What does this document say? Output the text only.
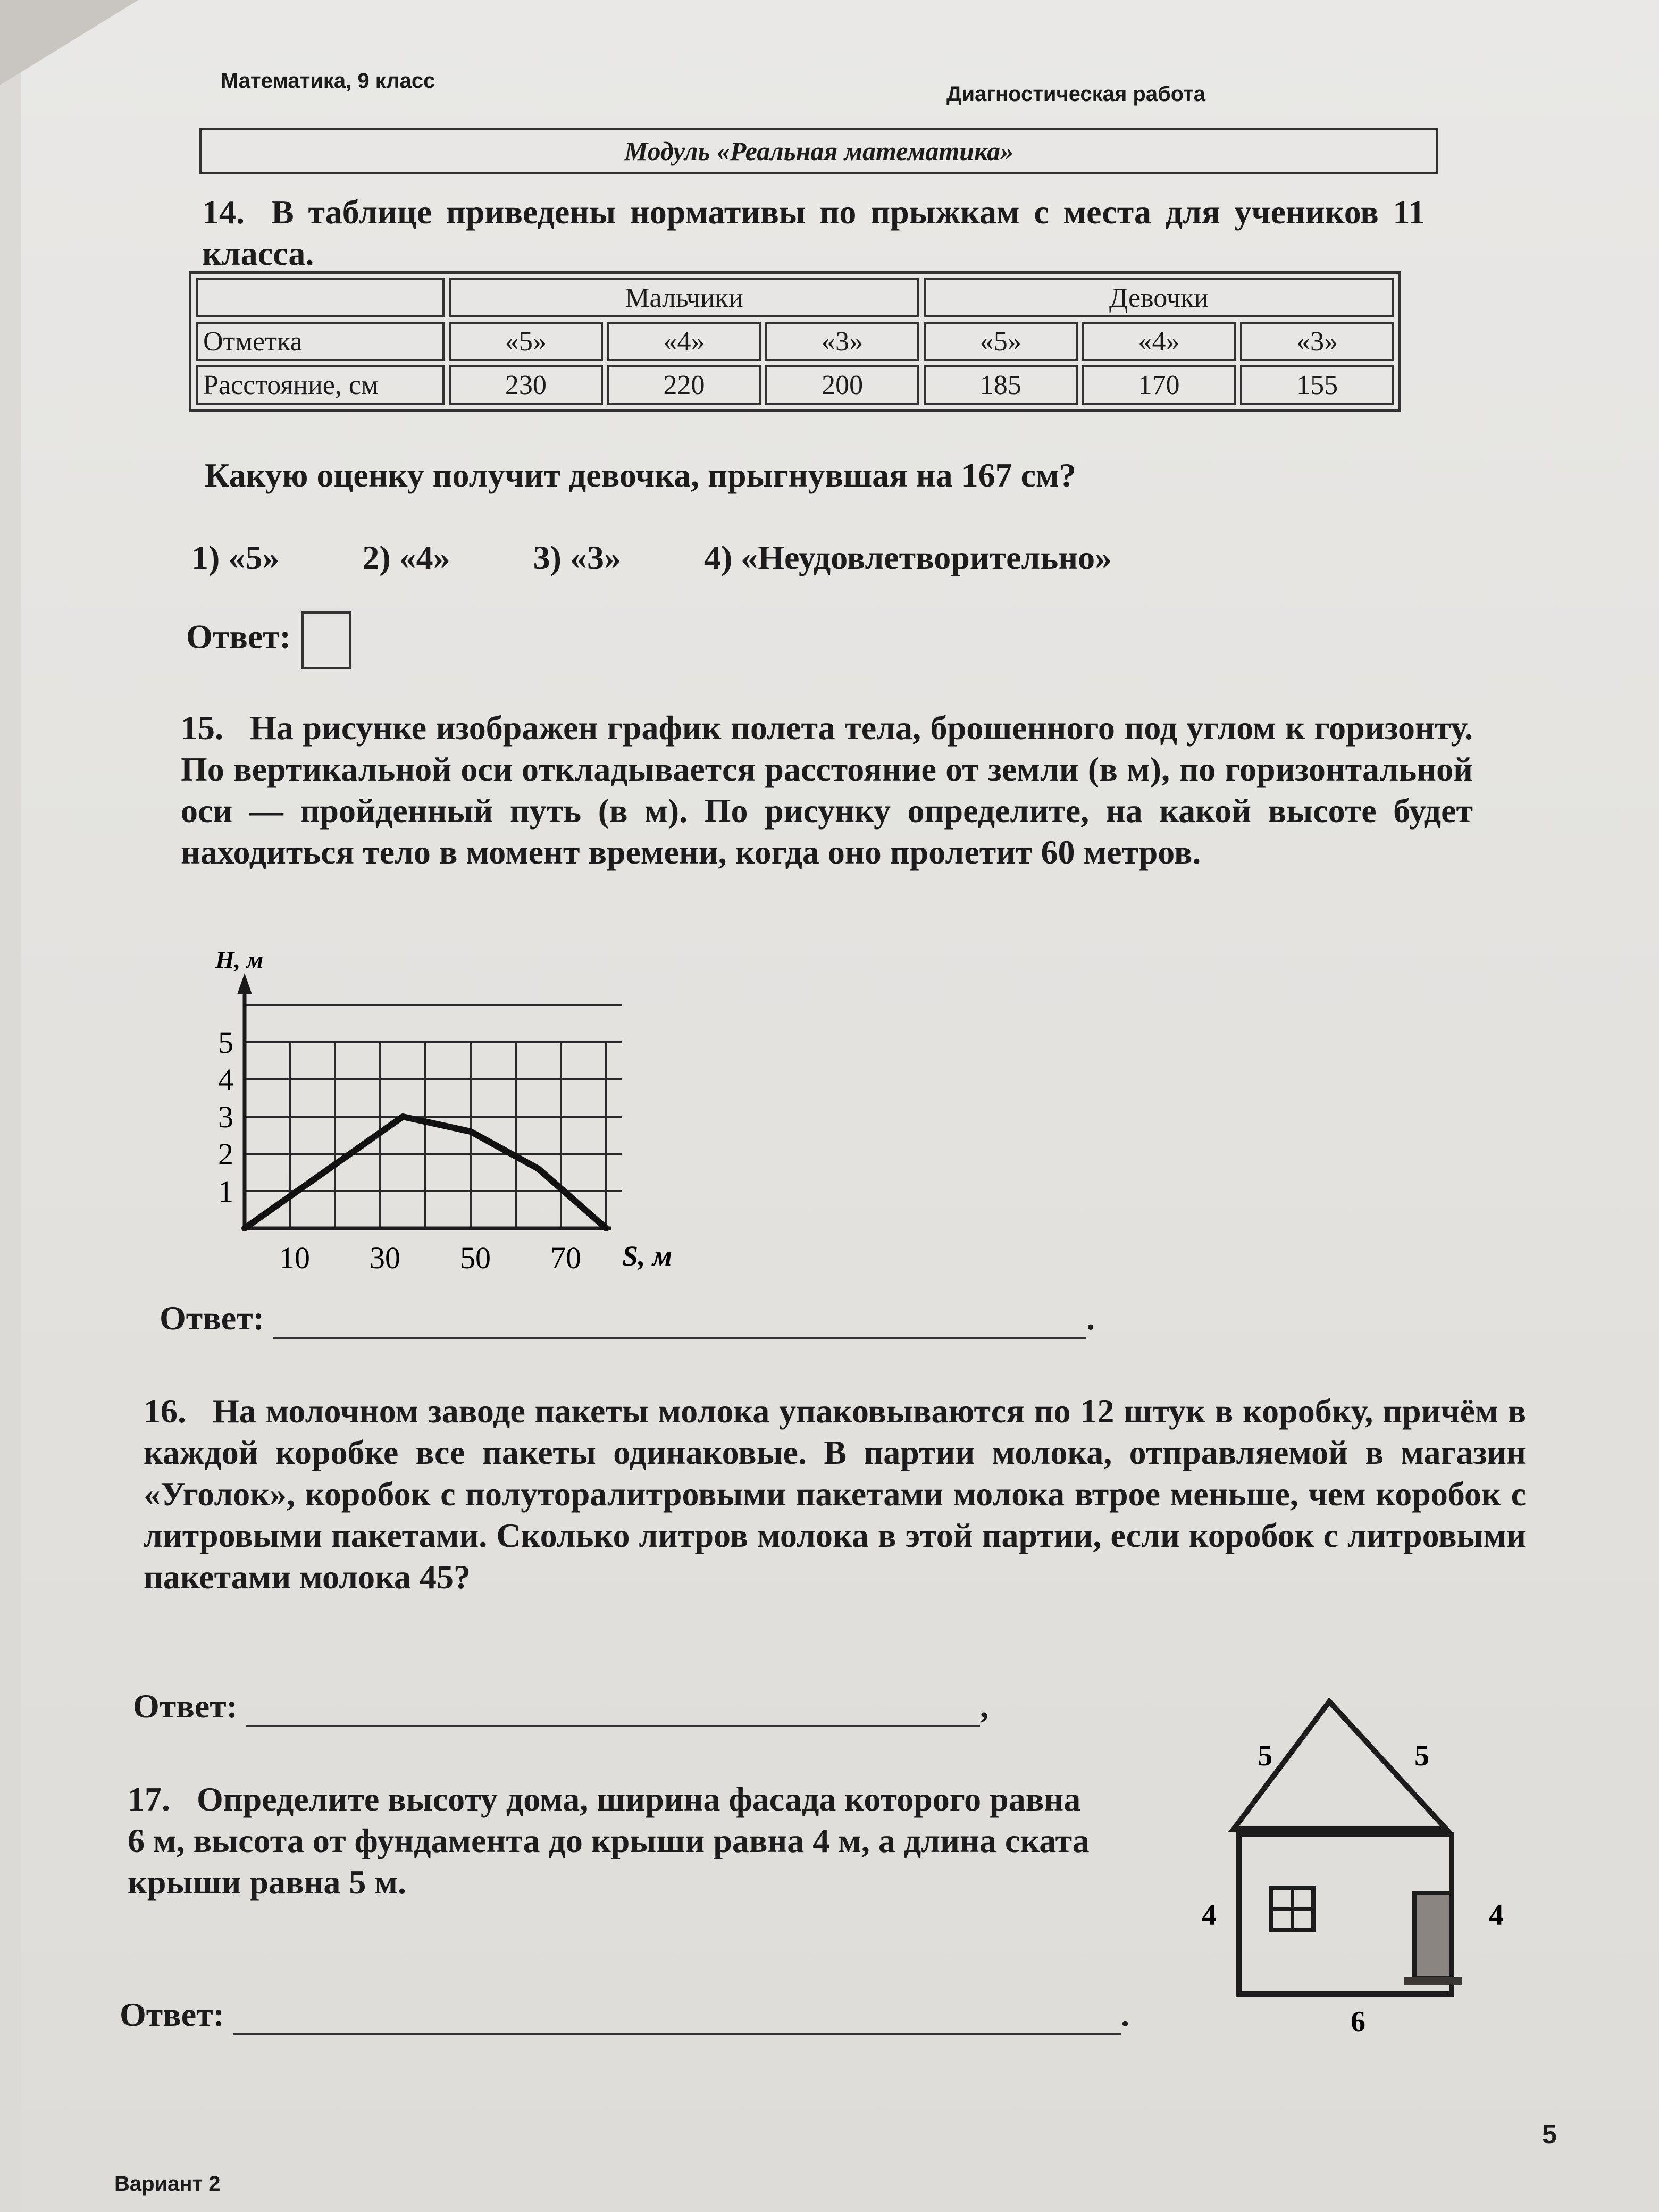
Математика, 9 класс
Диагностическая работа
Модуль «Реальная математика»
14. В таблице приведены нормативы по прыжкам с места для учеников 11 класса.
	Мальчики			Девочки		
Отметка	«5»	«4»	«3»	«5»	«4»	«3»
Расстояние, см	230	220	200	185	170	155
Какую оценку получит девочка, прыгнувшая на 167 см?
1) «5» 2) «4» 3) «3» 4) «Неудовлетворительно»
Ответ:
15. На рисунке изображен график полета тела, брошенного под углом к горизонту. По вертикальной оси откладывается расстояние от земли (в м), по горизонтальной оси — пройденный путь (в м). По рисунку определите, на какой высоте будет находиться тело в момент времени, когда оно пролетит 60 метров.
10 30 50 70
1
2
3
4
5
S, м
H, м
Ответ:	.
16. На молочном заводе пакеты молока упаковываются по 12 штук в коробку, причём в каждой коробке все пакеты одинаковые. В партии молока, отправляемой в магазин «Уголок», коробок с полуторалитровыми пакетами молока втрое меньше, чем коробок с литровыми пакетами. Сколько литров молока в этой партии, если коробок с литровыми пакетами молока 45?
Ответ:	,
17. Определите высоту дома, ширина фасада которого равна 6 м, высота от фундамента до крыши равна 4 м, а длина ската крыши равна 5 м.
Ответ:	.
5	5
4	4
6
5
Вариант 2
